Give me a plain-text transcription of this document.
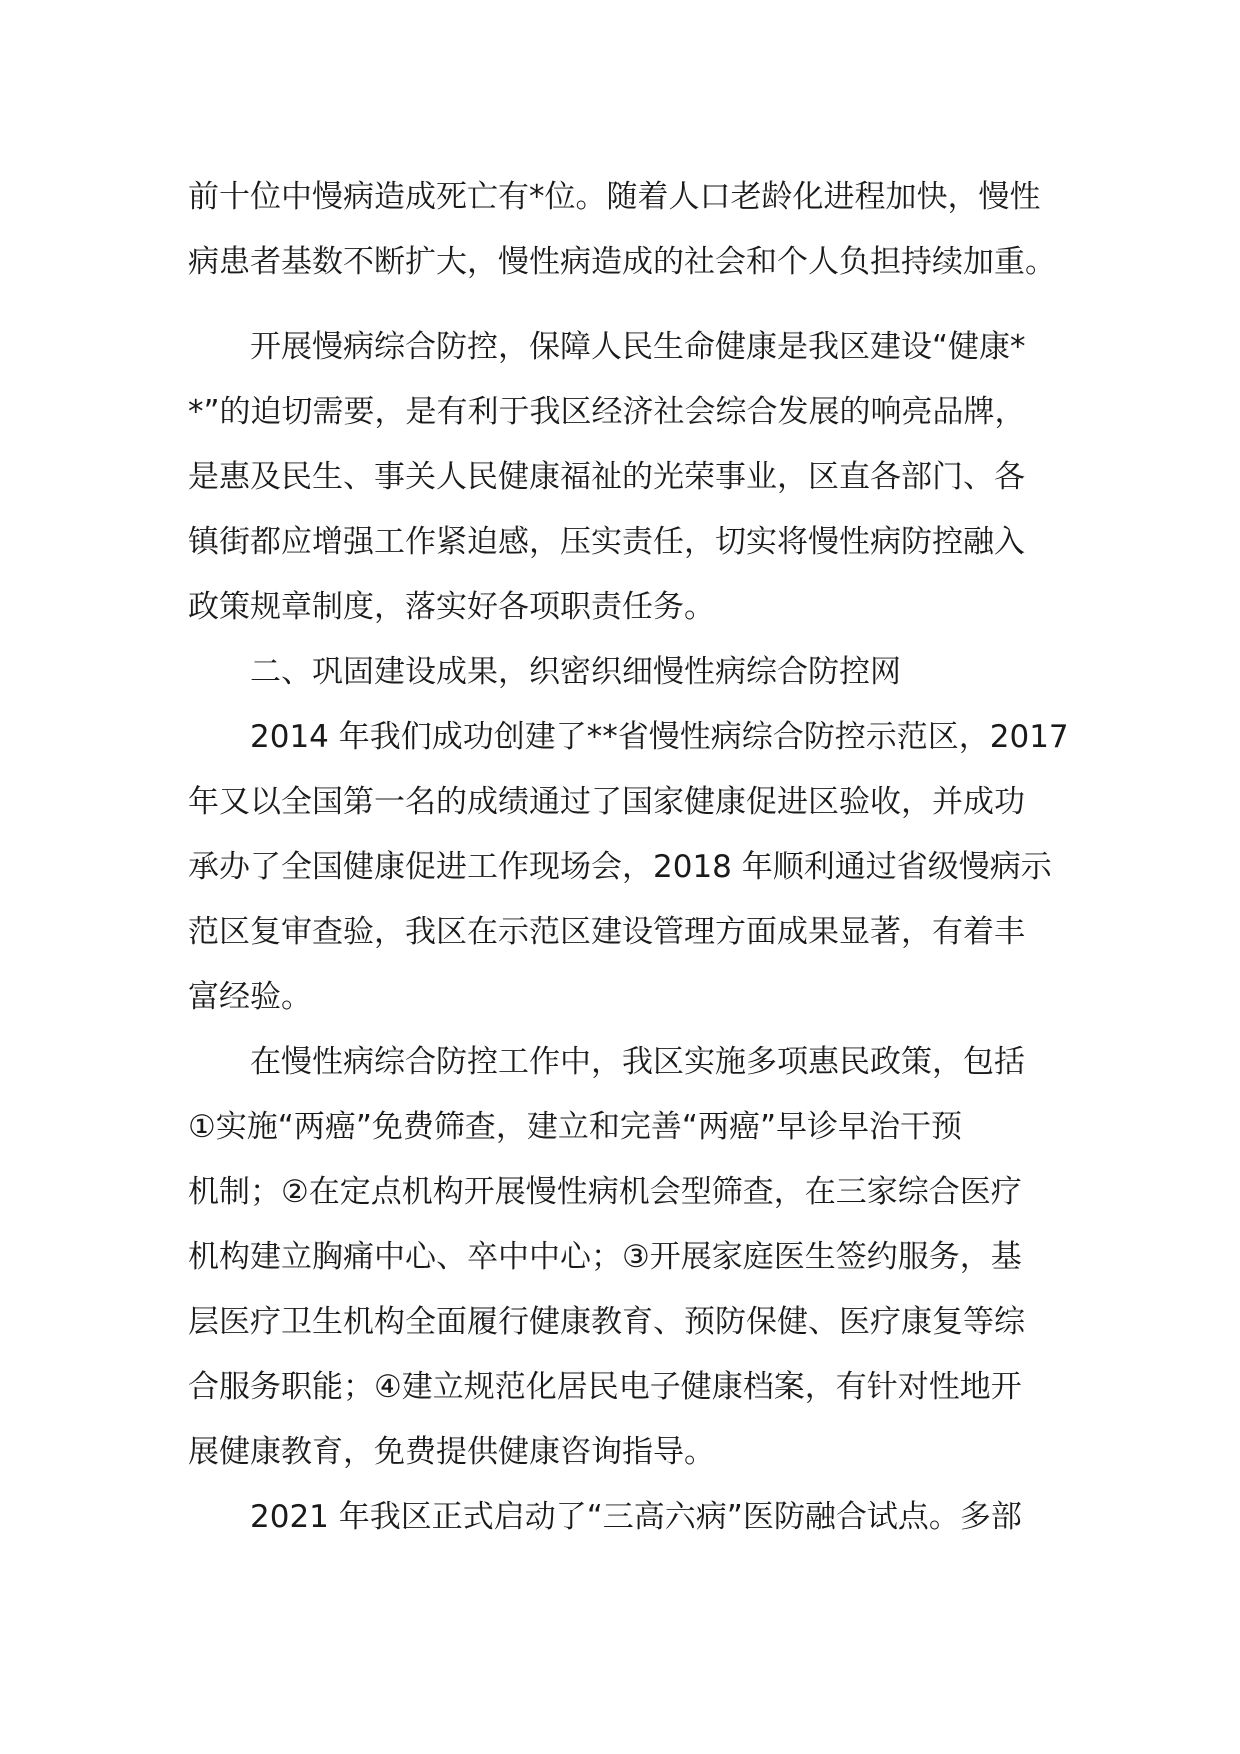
前十位中慢病造成死亡有*位。随着人口老龄化进程加快，慢性
病患者基数不断扩大，慢性病造成的社会和个人负担持续加重。
开展慢病综合防控，保障人民生命健康是我区建设“健康*
*”的迫切需要，是有利于我区经济社会综合发展的响亮品牌，
是惠及民生、事关人民健康福祉的光荣事业，区直各部门、各
镇街都应增强工作紧迫感，压实责任，切实将慢性病防控融入
政策规章制度，落实好各项职责任务。
二、巩固建设成果，织密织细慢性病综合防控网
2014 年我们成功创建了**省慢性病综合防控示范区，2017
年又以全国第一名的成绩通过了国家健康促进区验收，并成功
承办了全国健康促进工作现场会，2018 年顺利通过省级慢病示
范区复审查验，我区在示范区建设管理方面成果显著，有着丰
富经验。
在慢性病综合防控工作中，我区实施多项惠民政策，包括
①实施“两癌”免费筛查，建立和完善“两癌”早诊早治干预
机制；②在定点机构开展慢性病机会型筛查，在三家综合医疗
机构建立胸痛中心、卒中中心；③开展家庭医生签约服务，基
层医疗卫生机构全面履行健康教育、预防保健、医疗康复等综
合服务职能；④建立规范化居民电子健康档案，有针对性地开
展健康教育，免费提供健康咨询指导。
2021 年我区正式启动了“三高六病”医防融合试点。多部
